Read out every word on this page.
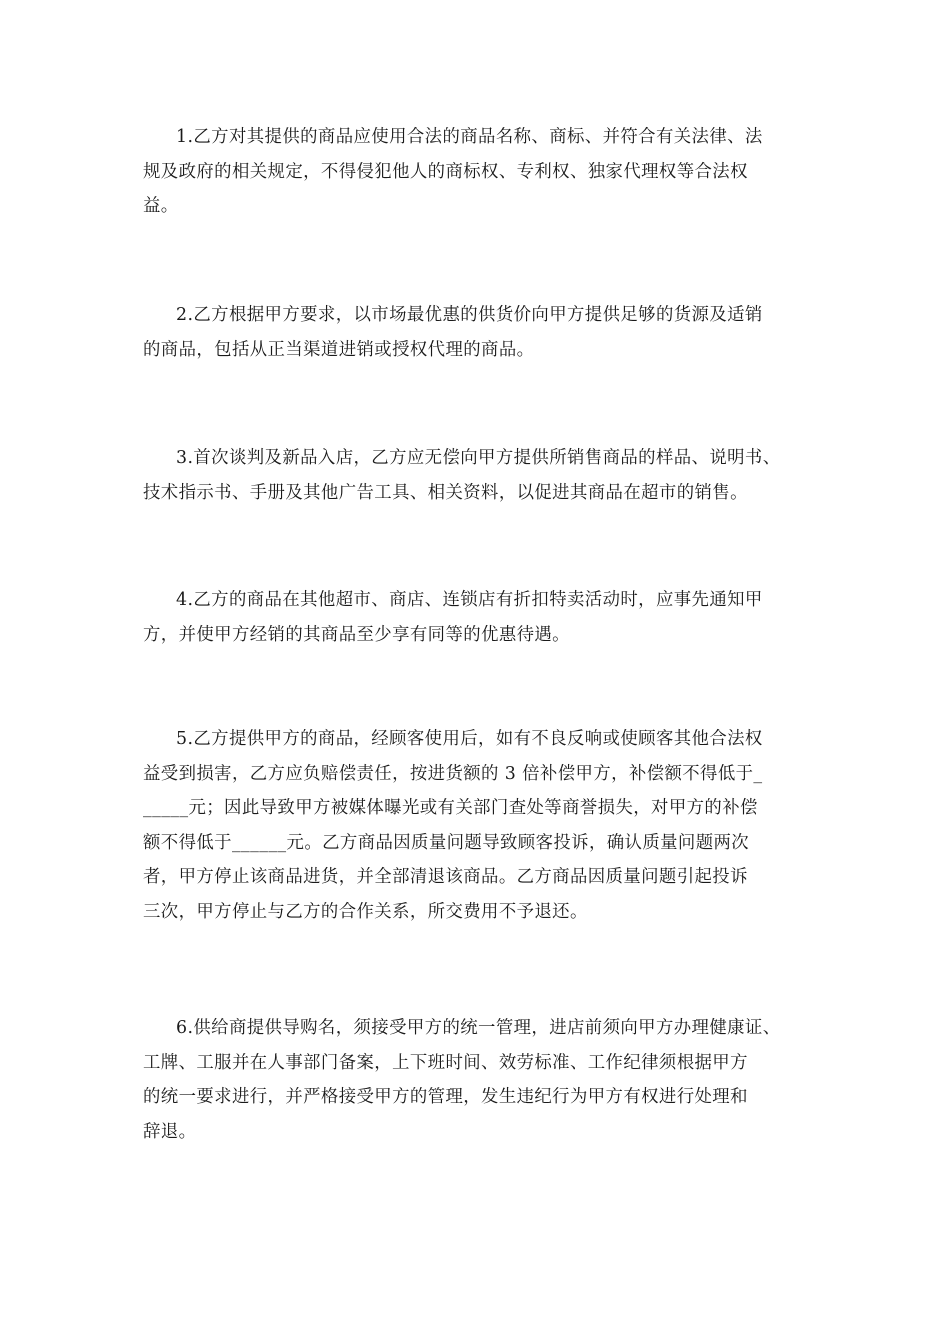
1.乙方对其提供的商品应使用合法的商品名称、商标、并符合有关法律、法
规及政府的相关规定，不得侵犯他人的商标权、专利权、独家代理权等合法权
益。

2.乙方根据甲方要求，以市场最优惠的供货价向甲方提供足够的货源及适销
的商品，包括从正当渠道进销或授权代理的商品。

3.首次谈判及新品入店，乙方应无偿向甲方提供所销售商品的样品、说明书、
技术指示书、手册及其他广告工具、相关资料，以促进其商品在超市的销售。

4.乙方的商品在其他超市、商店、连锁店有折扣特卖活动时，应事先通知甲
方，并使甲方经销的其商品至少享有同等的优惠待遇。

5.乙方提供甲方的商品，经顾客使用后，如有不良反响或使顾客其他合法权
益受到损害，乙方应负赔偿责任，按进货额的 3 倍补偿甲方，补偿额不得低于_
_____元；因此导致甲方被媒体曝光或有关部门查处等商誉损失，对甲方的补偿
额不得低于______元。乙方商品因质量问题导致顾客投诉，确认质量问题两次
者，甲方停止该商品进货，并全部清退该商品。乙方商品因质量问题引起投诉
三次，甲方停止与乙方的合作关系，所交费用不予退还。

6.供给商提供导购名，须接受甲方的统一管理，进店前须向甲方办理健康证、
工牌、工服并在人事部门备案，上下班时间、效劳标准、工作纪律须根据甲方
的统一要求进行，并严格接受甲方的管理，发生违纪行为甲方有权进行处理和
辞退。
